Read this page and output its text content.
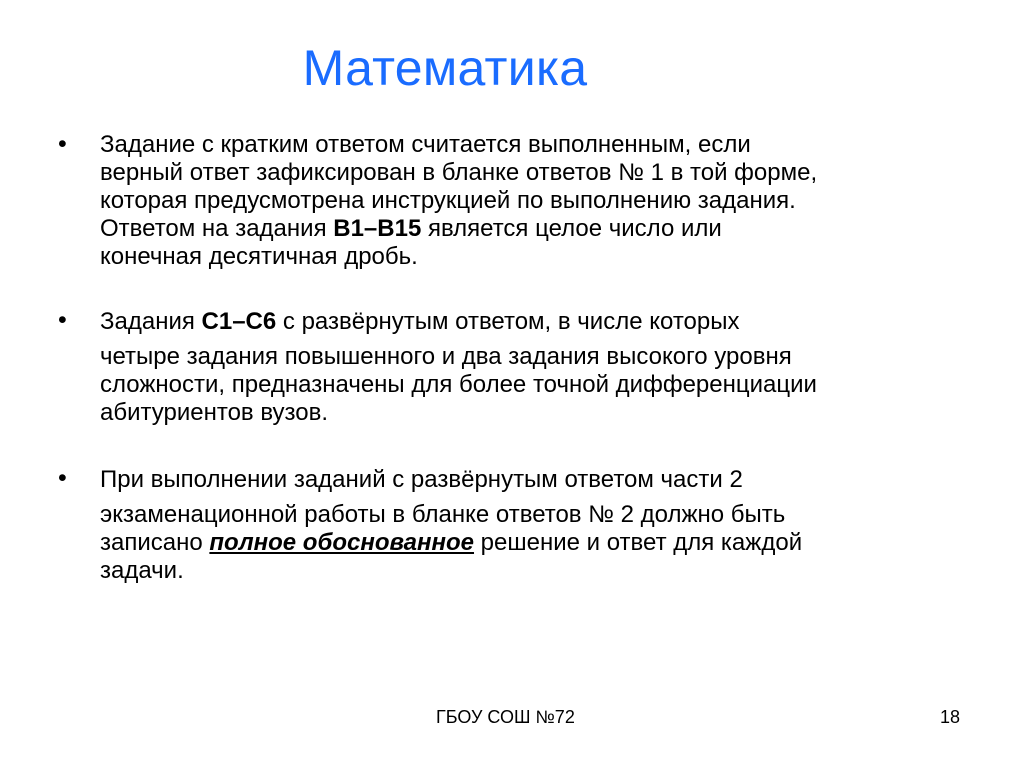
Математика
• Задание с кратким ответом считается выполненным, если

верный ответ зафиксирован в бланке ответов № 1 в той форме,

которая предусмотрена инструкцией по выполнению задания.

Ответом на задания B1–B15 является целое число или

конечная десятичная дробь.

• Задания C1–C6 с развёрнутым ответом, в числе которых

четыре задания повышенного и два задания высокого уровня

сложности, предназначены для более точной дифференциации

абитуриентов вузов.

• При выполнении заданий с развёрнутым ответом части 2

экзаменационной работы в бланке ответов № 2 должно быть

записано полное обоснованное решение и ответ для каждой

задачи.

ГБОУ СОШ №72	18
